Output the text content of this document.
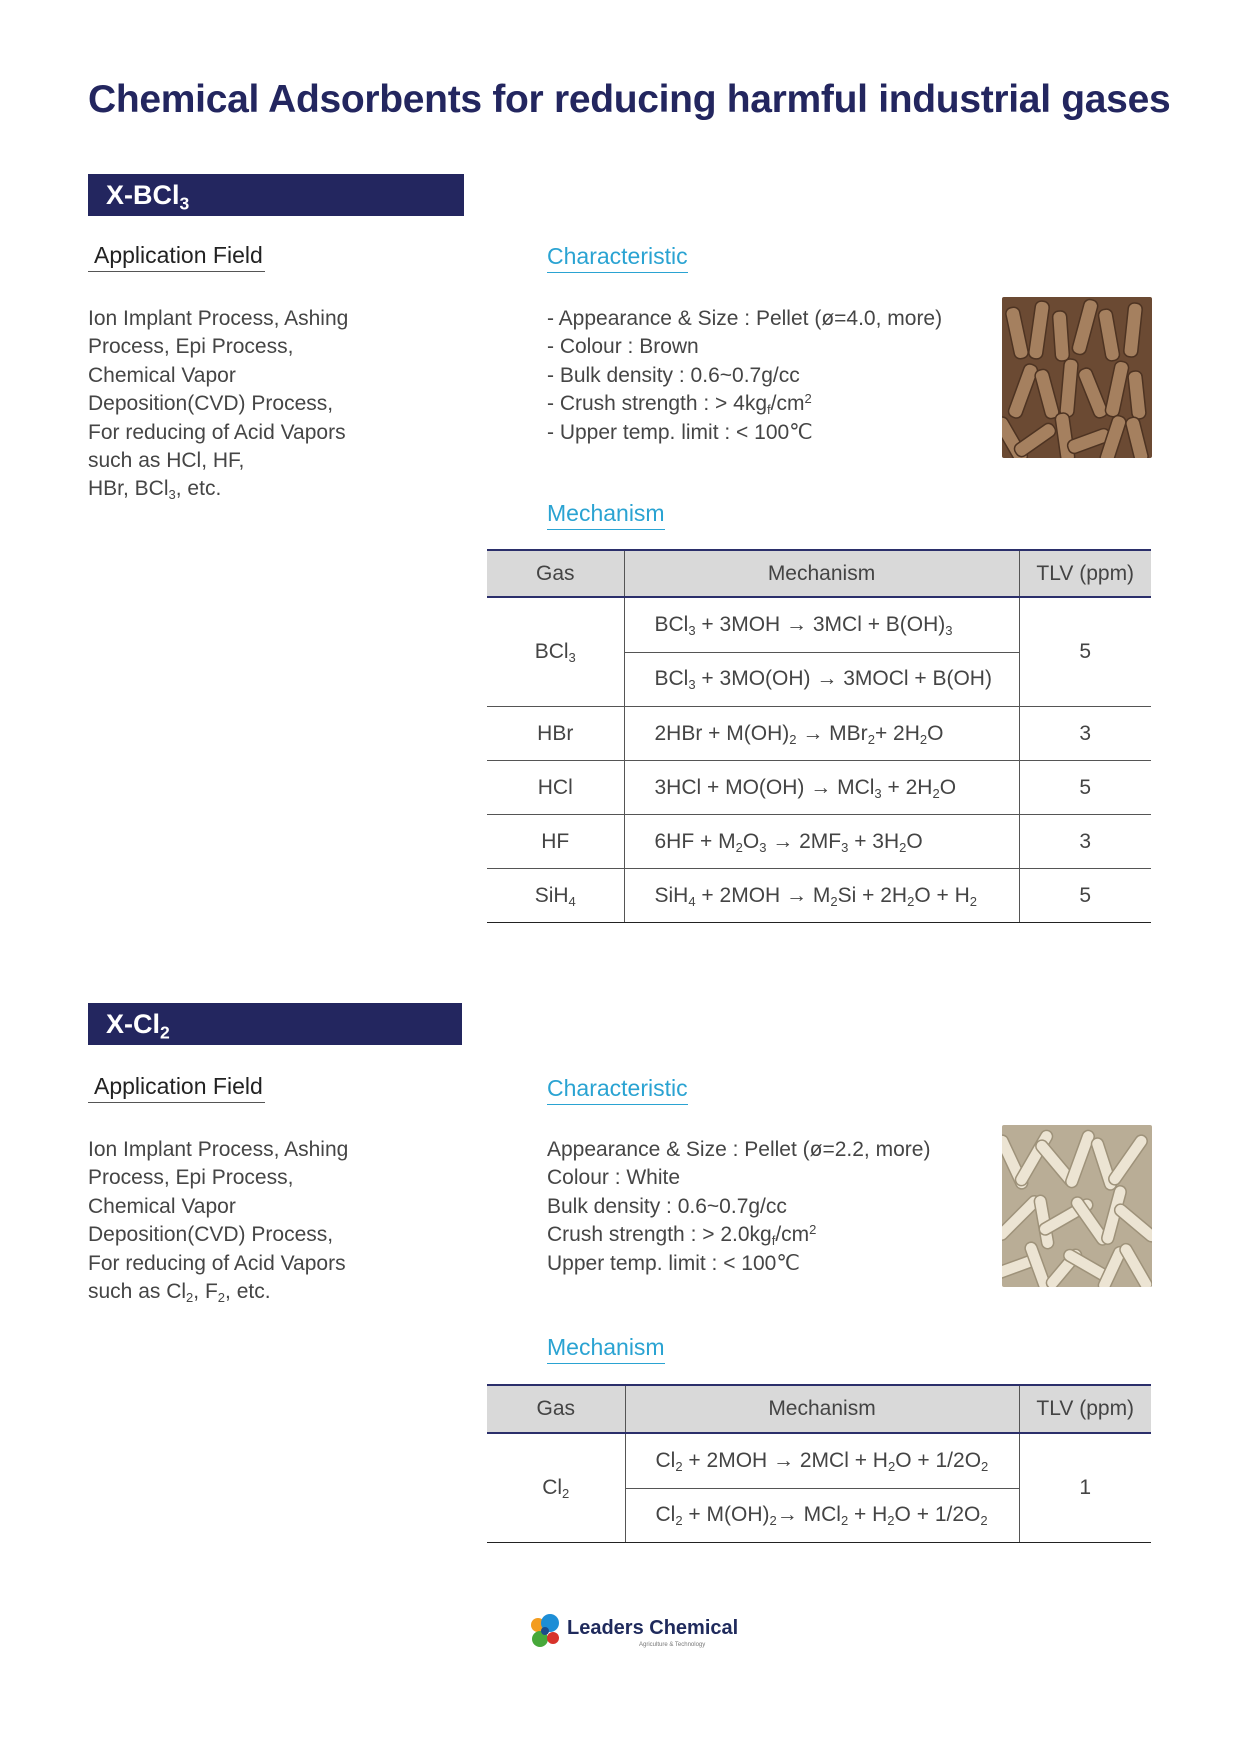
Chemical Adsorbents for reducing harmful industrial gases
X-BCl$_3$
Application Field
Ion Implant Process, Ashing
Process, Epi Process,
Chemical Vapor
Deposition(CVD) Process,
For reducing of Acid Vapors
such as HCl, HF,
HBr, BCl$_3$, etc.
Characteristic
- Appearance & Size : Pellet (ø=4.0, more)
- Colour : Brown
- Bulk density : 0.6~0.7g/cc
- Crush strength : > $4kg_f/cm^2$
- Upper temp. limit : < 100℃
Mechanism
Gas	Mechanism	TLV (ppm)
BCl$_3$	$BCl_3 + 3MOH \to 3MCl + B(OH)_3$	5
	BCl$_3$ + 3MO(OH) → 3MOCl + B(OH)	
HBr	$2HBr + M(OH)_2 \to MBr_2+ 2H_2O$	3
HCl	$3HCl + MO(OH) \to MCl_3 + 2H_2O$	5
HF	$6HF + M_2O_3 \to 2MF_3 + 3H_2O$	3
SiH$_4$	$SiH_4 + 2MOH \to M_2Si + 2H_2O + H_2$	5
$X-Cl_2$
Application Field
Ion Implant Process, Ashing
Process, Epi Process,
Chemical Vapor
Deposition(CVD) Process,
For reducing of Acid Vapors
such as $Cl_2$, $F_2$, etc.
Characteristic
Appearance & Size : Pellet (ø=2.2, more)
Colour : White
Bulk density : 0.6~0.7g/cc
Crush strength : > $2.0kg_f/cm^2$
Upper temp. limit : < 100℃
Mechanism
Gas	Mechanism	TLV (ppm)
$Cl_2$	$Cl_2 + 2MOH \to 2MCl + H_2O + 1/2O_2$	1
	$Cl_2 + M(OH)_2\to MCl_2 + H_2O + 1/2O_2$
Leaders Chemical
Agriculture & Technology
